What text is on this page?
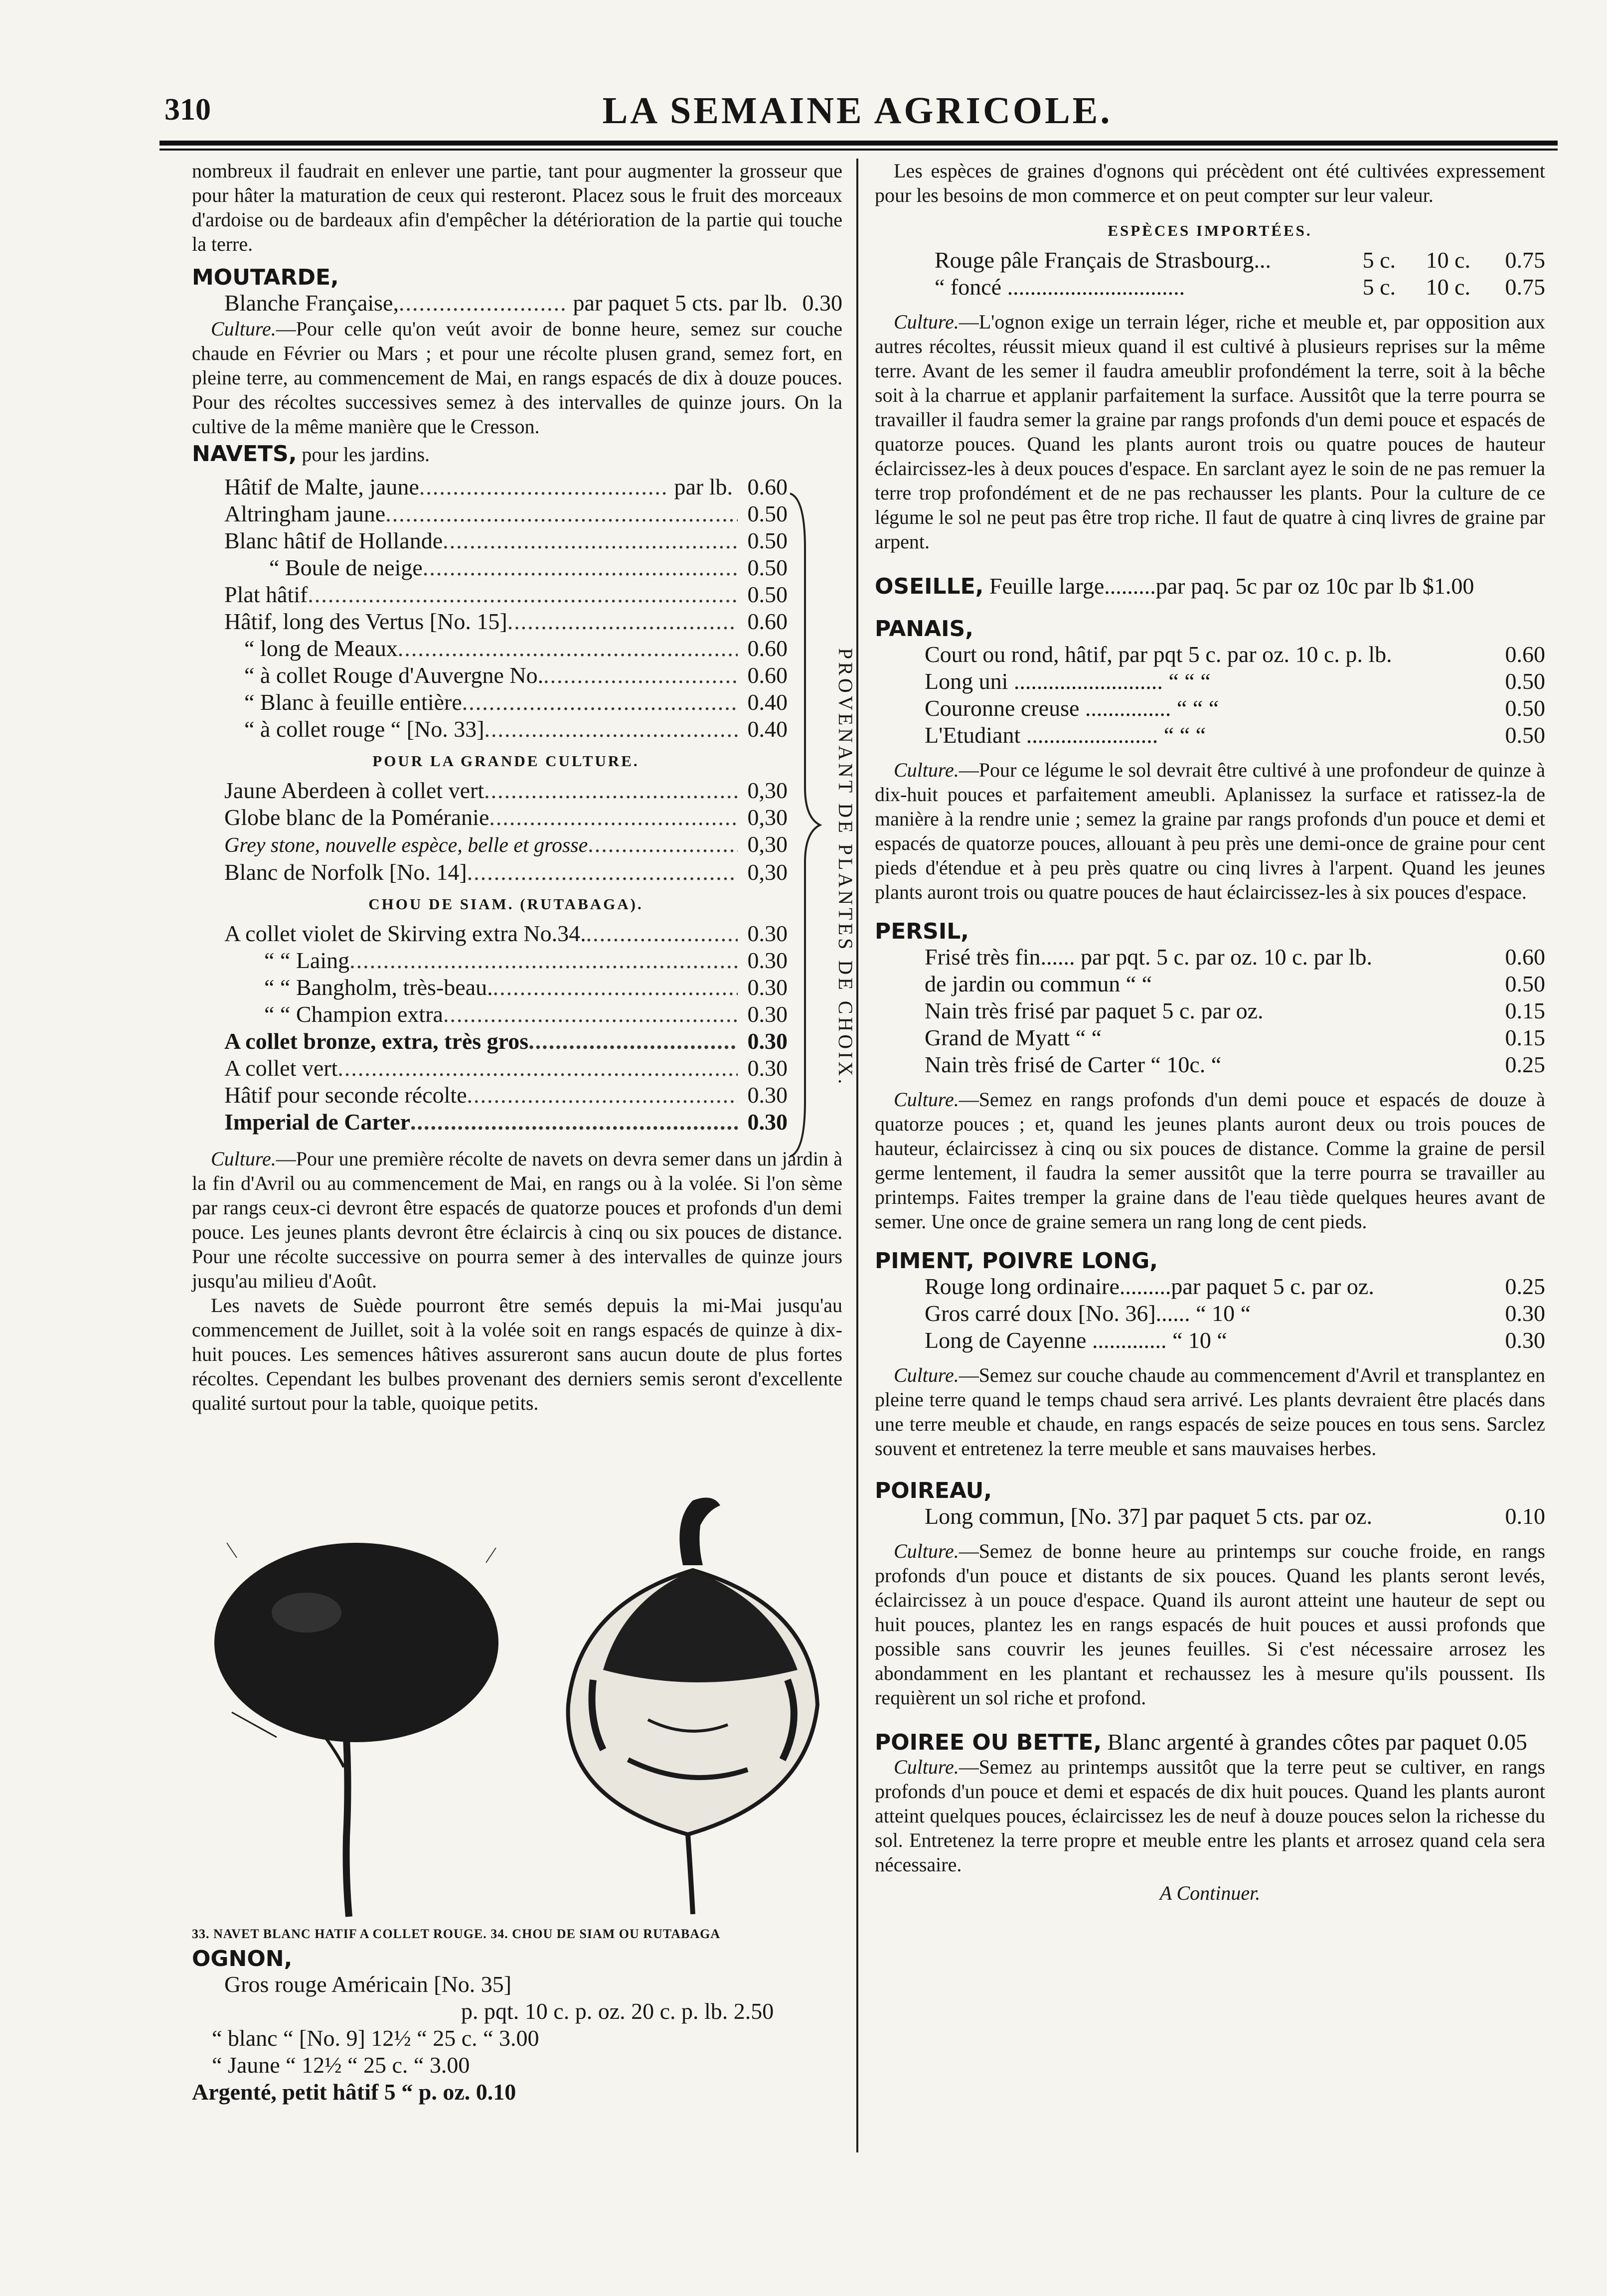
310	LA SEMAINE AGRICOLE.

nombreux il faudrait en enlever une partie, tant pour augmenter la grosseur que pour hâter la maturation de ceux qui resteront. Placez sous le fruit des morceaux d'ardoise ou de bardeaux afin d'empêcher la détérioration de la partie qui touche la terre.

MOUTARDE,
Blanche Française, .....	par paquet 5 cts. par lb. 0.30

Culture.—Pour celle qu'on veút avoir de bonne heure, semez sur couche chaude en Février ou Mars ; et pour une récolte plusen grand, semez fort, en pleine terre, au commencement de Mai, en rangs espacés de dix à douze pouces. Pour des récoltes successives semez à des intervalles de quinze jours. On la cultive de la même manière que le Cresson.

NAVETS, pour les jardins.
Hâtif de Malte, jaune .....	par lb. 0.60
Altringham jaune .....	0.50
Blanc hâtif de Hollande .....	0.50
“ Boule de neige .....	0.50
Plat hâtif .....	0.50
Hâtif, long des Vertus [No. 15] .....	0.60
“ long de Meaux .....	0.60
“ à collet Rouge d'Auvergne No. .....	0.60
“ Blanc à feuille entière .....	0.40
“ à collet rouge “ [No. 33] .....	0.40
POUR LA GRANDE CULTURE.
Jaune Aberdeen à collet vert .....	0,30
Globe blanc de la Poméranie .....	0,30
Grey stone, nouvelle espèce, belle et grosse .....	0,30
Blanc de Norfolk [No. 14] .....	0,30
CHOU DE SIAM. (RUTABAGA).
A collet violet de Skirving extra No.34. .....	0.30
“ “ Laing .....	0.30
“ “ Bangholm, très-beau. .....	0.30
“ “ Champion extra .....	0.30
A collet bronze, extra, très gros .....	0.30
A collet vert .....	0.30
Hâtif pour seconde récolte .....	0.30
Imperial de Carter .....	0.30

Culture.—Pour une première récolte de navets on devra semer dans un jardin à la fin d'Avril ou au commencement de Mai, en rangs ou à la volée. Si l'on sème par rangs ceux-ci devront être espacés de quatorze pouces et profonds d'un demi pouce. Les jeunes plants devront être éclaircis à cinq ou six pouces de distance. Pour une récolte successive on pourra semer à des intervalles de quinze jours jusqu'au milieu d'Août.

Les navets de Suède pourront être semés depuis la mi-Mai jusqu'au commencement de Juillet, soit à la volée soit en rangs espacés de quinze à dix-huit pouces. Les semences hâtives assureront sans aucun doute de plus fortes récoltes. Cependant les bulbes provenant des derniers semis seront d'excellente qualité surtout pour la table, quoique petits.

PROVENANT DE PLANTES DE CHOIX.
33. NAVET BLANC HATIF A COLLET ROUGE. 34. CHOU DE SIAM OU RUTABAGA
OGNON,
Gros rouge Américain [No. 35]
p. pqt. 10 c. p. oz. 20 c. p. lb. 2.50
“ blanc “ [No. 9] 12½ “ 25 c. “ 3.00
“ Jaune “ 12½ “ 25 c. “ 3.00
Argenté, petit hâtif 5 “ p. oz. 0.10

Les espèces de graines d'ognons qui précèdent ont été cultivées expressement pour les besoins de mon commerce et on peut compter sur leur valeur.

ESPÈCES IMPORTÉES.
Rouge pâle Français de Strasbourg...	5 c.	10 c.	0.75
“ foncé ...............................	5 c.	10 c.	0.75

Culture.—L'ognon exige un terrain léger, riche et meuble et, par opposition aux autres récoltes, réussit mieux quand il est cultivé à plusieurs reprises sur la même terre. Avant de les semer il faudra ameublir profondément la terre, soit à la bêche soit à la charrue et applanir parfaitement la surface. Aussitôt que la terre pourra se travailler il faudra semer la graine par rangs profonds d'un demi pouce et espacés de quatorze pouces. Quand les plants auront trois ou quatre pouces de hauteur éclaircissez-les à deux pouces d'espace. En sarclant ayez le soin de ne pas remuer la terre trop profondément et de ne pas rechausser les plants. Pour la culture de ce légume le sol ne peut pas être trop riche. Il faut de quatre à cinq livres de graine par arpent.

OSEILLE, Feuille large.........par paq. 5c par oz 10c par lb $1.00
PANAIS,
Court ou rond, hâtif, par pqt 5 c. par oz. 10 c. p. lb.	0.60
Long uni .......................... “ “ “	0.50
Couronne creuse ............... “ “ “	0.50
L'Etudiant ....................... “ “ “	0.50

Culture.—Pour ce légume le sol devrait être cultivé à une profondeur de quinze à dix-huit pouces et parfaitement ameubli. Aplanissez la surface et ratissez-la de manière à la rendre unie ; semez la graine par rangs profonds d'un pouce et demi et espacés de quatorze pouces, allouant à peu près une demi-once de graine pour cent pieds d'étendue et à peu près quatre ou cinq livres à l'arpent. Quand les jeunes plants auront trois ou quatre pouces de haut éclaircissez-les à six pouces d'espace.

PERSIL,
Frisé très fin...... par pqt. 5 c. par oz. 10 c. par lb.	0.60
de jardin ou commun “ “	0.50
Nain très frisé par paquet 5 c. par oz.	0.15
Grand de Myatt “ “	0.15
Nain très frisé de Carter “ 10c. “	0.25

Culture.—Semez en rangs profonds d'un demi pouce et espacés de douze à quatorze pouces ; et, quand les jeunes plants auront deux ou trois pouces de hauteur, éclaircissez à cinq ou six pouces de distance. Comme la graine de persil germe lentement, il faudra la semer aussitôt que la terre pourra se travailler au printemps. Faites tremper la graine dans de l'eau tiède quelques heures avant de semer. Une once de graine semera un rang long de cent pieds.

PIMENT, POIVRE LONG,
Rouge long ordinaire.........par paquet 5 c. par oz.	0.25
Gros carré doux [No. 36]...... “ 10 “	0.30
Long de Cayenne ............. “ 10 “	0.30

Culture.—Semez sur couche chaude au commencement d'Avril et transplantez en pleine terre quand le temps chaud sera arrivé. Les plants devraient être placés dans une terre meuble et chaude, en rangs espacés de seize pouces en tous sens. Sarclez souvent et entretenez la terre meuble et sans mauvaises herbes.

POIREAU,
Long commun, [No. 37] par paquet 5 cts. par oz.	0.10

Culture.—Semez de bonne heure au printemps sur couche froide, en rangs profonds d'un pouce et distants de six pouces. Quand les plants seront levés, éclaircissez à un pouce d'espace. Quand ils auront atteint une hauteur de sept ou huit pouces, plantez les en rangs espacés de huit pouces et aussi profonds que possible sans couvrir les jeunes feuilles. Si c'est nécessaire arrosez les abondamment en les plantant et rechaussez les à mesure qu'ils poussent. Ils requièrent un sol riche et profond.

POIREE OU BETTE, Blanc argenté à grandes côtes par paquet 0.05

Culture.—Semez au printemps aussitôt que la terre peut se cultiver, en rangs profonds d'un pouce et demi et espacés de dix huit pouces. Quand les plants auront atteint quelques pouces, éclaircissez les de neuf à douze pouces selon la richesse du sol. Entretenez la terre propre et meuble entre les plants et arrosez quand cela sera nécessaire.

A Continuer.
